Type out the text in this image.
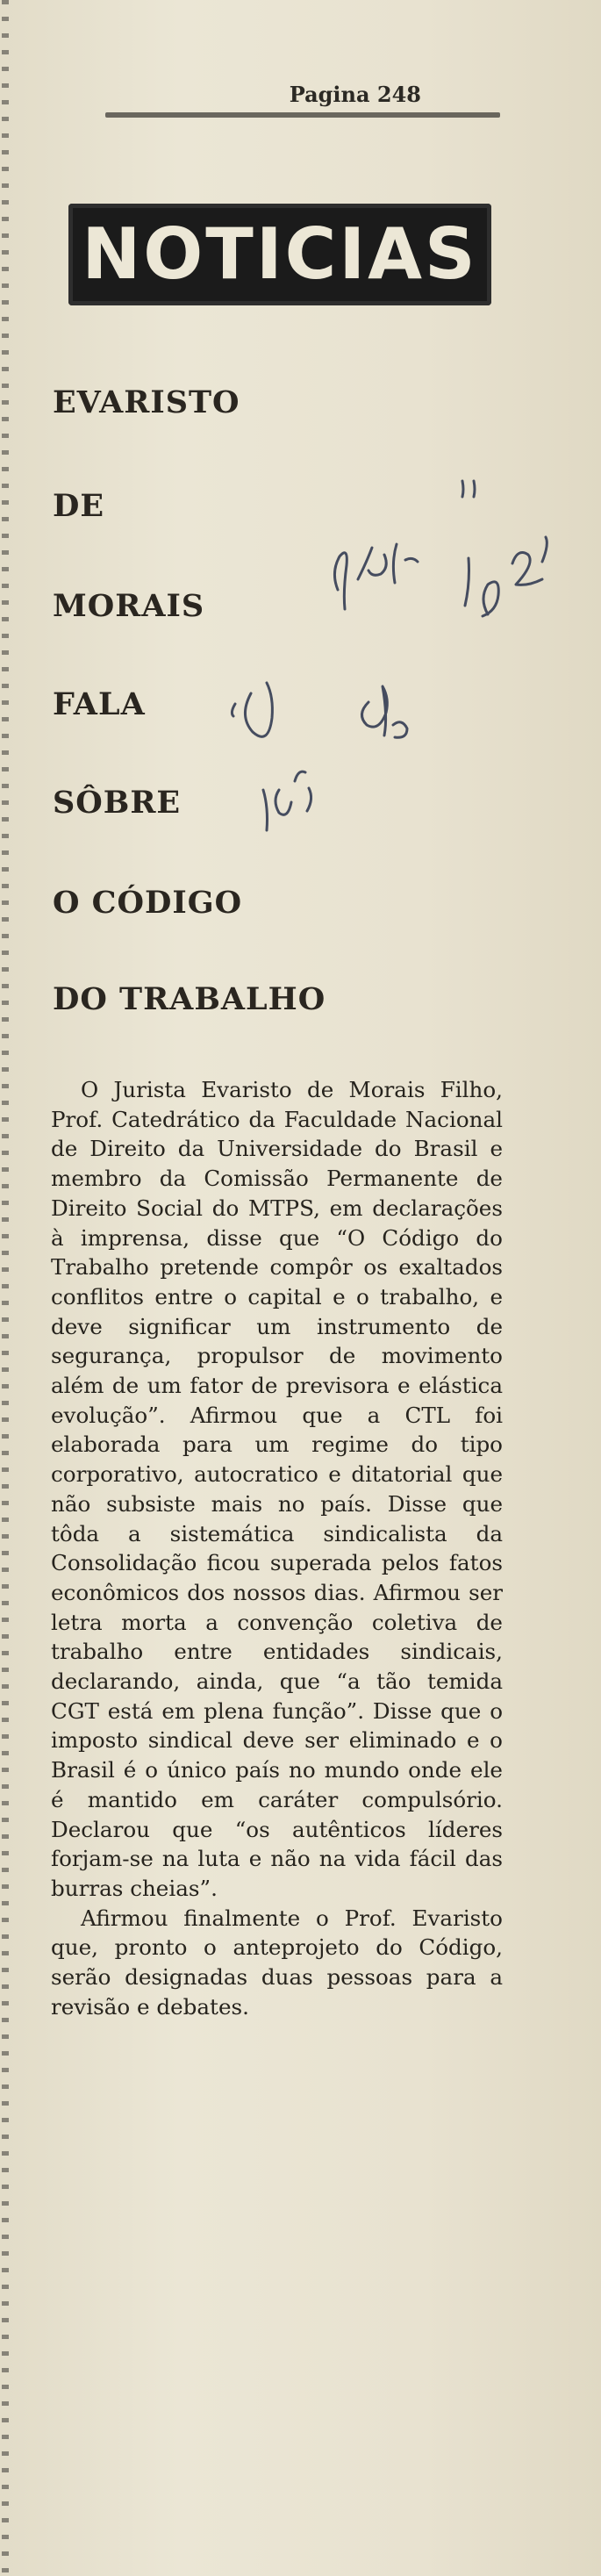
Pagina 248
NOTICIAS
EVARISTO
DE
MORAIS
FALA
SÔBRE
O CÓDIGO
DO TRABALHO

O Jurista Evaristo de Morais Filho, Prof. Catedrático da Faculdade Nacional de Direito da Universidade do Brasil e membro da Comissão Permanente de Direito Social do MTPS, em declarações à imprensa, disse que “O Código do Trabalho pretende compôr os exaltados conflitos entre o capital e o trabalho, e deve significar um instrumento de segurança, propulsor de movimento além de um fator de previsora e elástica evolução”. Afirmou que a CTL foi elaborada para um regime do tipo corporativo, autocratico e ditatorial que não subsiste mais no país. Disse que tôda a sistemática sindicalista da Consolidação ficou superada pelos fatos econômicos dos nossos dias. Afirmou ser letra morta a convenção coletiva de trabalho entre entidades sindicais, declarando, ainda, que “a tão temida CGT está em plena função”. Disse que o imposto sindical deve ser eliminado e o Brasil é o único país no mundo onde ele é mantido em caráter compulsório. Declarou que “os autênticos líderes forjam-se na luta e não na vida fácil das burras cheias”.

Afirmou finalmente o Prof. Evaristo que, pronto o anteprojeto do Código, serão designadas duas pessoas para a revisão e debates.
